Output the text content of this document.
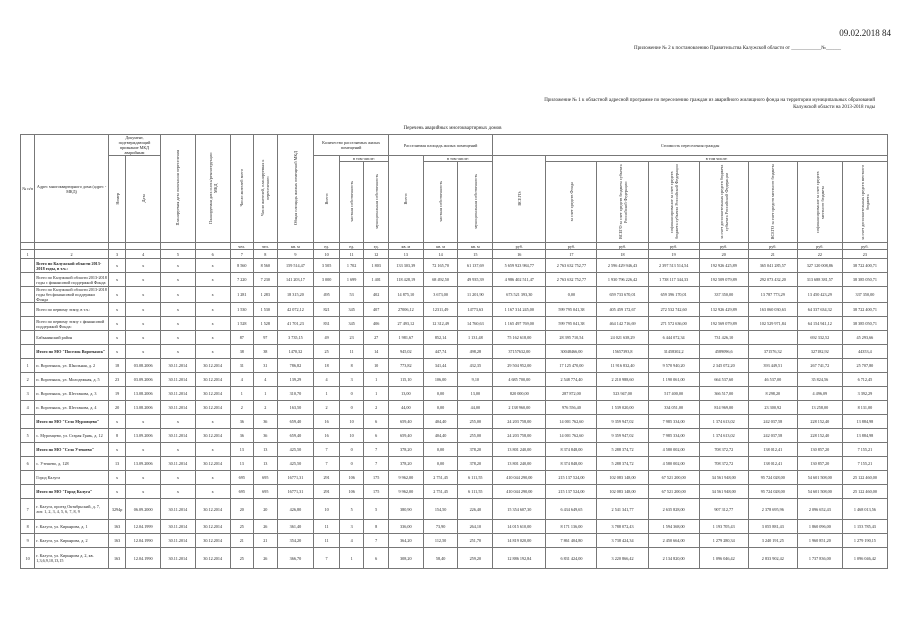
09.02.2018 84
Приложение № 2 к постановлению Правительства Калужской области от ____________№______
Приложение № 1 к областной адресной программе по переселению граждан из аварийного жилищного фонда на территории муниципальных образований
Калужской области на 2013-2018 годы
Перечень аварийных многоквартирных домов
№ п/п	Адрес многоквартирного дома (адрес - МКД)	Документ, подтверждающий признание МКД аварийным		Планируемая дата окончания переселения	Планируемая дата сноса/реконструкции МКД	Число жителей всего	Число жителей, планируемых к переселению	Общая площадь жилых помещений МКД	Количество расселяемых жилых помещений			Расселяемая площадь жилых помещений			Стоимость переселения граждан							
		Номер	Дата						Всего:	в том числе:		Всего:	в том числе:		ВСЕГО:	в том числе:						
										частная собственность	муниципальная собственность		частная собственность	муниципальная собственность		за счет средств Фонда	ВСЕГО за счет средств бюджета субъекта Российской Федерации	софинансирование за счет средств бюджета субъекта Российской Федерации	за счет дополнительных средств бюджета субъекта Российской Федерации	ВСЕГО за счет средств местного бюджета	софинансирование за счет средств местного бюджета	за счет дополнительных средств местного бюджета
						чел.	чел.	кв. м	ед.	ед.	ед.	кв. м	кв. м	кв. м	руб.	руб.	руб.	руб.	руб.	руб.	руб.	руб.
1	2	3	4	5	6	7	8	9	10	11	12	13	14	15	16	17	18	19	20	21	22	23
	Всего по Калужской области 2013-2018 годы, в т.ч.:	x	x	x	x	8 560	8 560	159 514,47	3 505	1 702	1 803	133 303,39	72 165,70	61 137,69	5 659 923 984,77	2 763 632 752,77	2 596 429 946,43	2 397 513 514,54	192 926 425,89	365 041 285,57	327 120 008,86	38 722 400,71
	Всего по Калужской области 2013-2018 годы с финансовой поддержкой Фонда	x	x	x	x	7 220	7 230	141 203,17	3 000	1 699	1 401	118 428,19	68 492,50	49 935,39	4 986 402 511,47	2 763 632 752,77	1 930 796 226,42	1 738 117 344,33	192 509 079,89	292 073 432,20	313 688 381,57	38 385 050,71
	Всего по Калужской области 2013-2018 годы без финансовой поддержки Фонда	x	x	x	x	1 281	1 283	18 315,20	495	53	402	14 875,10	3 673,00	11 201,90	673 521 393,30	0,00	659 733 670,01	659 396 170,01	337 350,00	13 787 773,29	13 450 423,29	337 350,00
	Всего по первому этапу, в т.ч.:	x	x	x	x	1 530	1 530	42 072,12	821	345	407	27006,12	12311,49	14773,63	1 167 314 245,00	599 795 041,38	405 459 172,67	272 532 742,60	132 926 429,89	163 060 030,63	64 337 634,32	38 722 400,71
	Всего по первому этапу с финансовой поддержкой Фонда:	x	x	x	x	1 528	1 528	41 701,23	831	345	406	27 493,12	12 312,49	14 760,63	1 165 497 769,00	599 795 041,38	464 142 716,69	271 572 636,00	192 569 079,89	102 529 971,84	64 154 941,12	38 385 050,71
	Бабынинский район	x	x	x	x	87	97	3 735,15	49	23	27	1 981,67	852,14	1 131,48	75 162 618,00	28 395 710,54	24 021 638,29	6 444 072,34	731 426,10		692 332,52	45 293,66
	Итого по МО "Поселок Воротынск"	x	x	x	x	38	38	1470,32	25	11	14	945,02	447,74	498,28	37157632,00	30048466,00	15657393,8	31458302,2	4589096,6	371576,32	327182,92	44353,4
1	п. Воротынск, ул. Школьная, д. 2	18	03.08.2006	30.11.2014	30.12.2014	31	31	786,82	18	8	10	773,82	341,44	432,35	29 504 952,00	17 125 470,00	11 916 832,40	9 570 940,20	2 345 072,20	393 449,51	267 741,72	25 707,80
2	п. Воротынск, ул. Молодежная, д. 5	23	03.09.2006	30.11.2014	30.12.2014	4	4	139,29	4	3	1	115,10	106,00	9,10	4 685 700,00	2 548 774,40	2 210 988,60	1 190 061,00	664 537,60	46 537,00	35 824,56	6 712,45
3	п. Воротынск, ул. Шестакова, д. 3	19	13.08.2006	30.11.2014	30.12.2014	1	1	310,70	1	0	1	13,00	0,00	13,00	820 000,00	287 872,00	523 947,00	517 400,00	366 517,00	8 298,20	4 496,09	3 392,29
4	п. Воротынск, ул. Шестакова, д. 4	20	13.08.2006	30.11.2014	30.12.2014	2	2	163,50	2	0	2	44,00	0,00	44,00	2 138 960,00	976 556,40	1 539 020,00	334 051,00	814 969,00	23 300,92	13 258,00	8 131,00
	Итого по МО "Село Муромцево"	x	x	x	x	36	36	659,40	16	10	6	659,40	404,40	255,00	24 203 758,00	14 001 762,60	9 359 947,02	7 985 334,00	1 374 613,02	242 037,58	228 152,40	13 884,98
5	с. Муромцево, ул. Старая Грязь, д. 12	8	13.09.2006	30.11.2014	30.12.2014	36	36	659,40	16	10	6	659,40	404,40	255,00	24 203 758,00	14 001 762,60	9 359 947,02	7 985 334,00	1 374 613,02	242 037,58	228 152,40	13 884,98
	Итого по МО "Село Утешево"	x	x	x	x	13	13	425,50	7	0	7	378,20	0,00	378,20	13 801 240,00	8 374 848,00	5 288 374,72	4 580 002,00	708 372,72	138 012,41	130 857,20	7 155,21
6	с. Утешево, д. 128	13	13.09.2006	30.11.2014	30.12.2014	13	13	425,50	7	0	7	378,20	0,00	378,20	13 801 240,00	8 374 848,00	5 288 374,72	4 580 002,00	708 372,72	138 012,41	130 857,20	7 155,21
	Город Калуга	x	x	x	x	695	695	16771,31	291	106	175	9 962,00	2 751,45	6 111,55	410 044 290,00	215 137 524,00	102 083 148,00	67 521 200,00	34 561 948,00	95 724 028,00	54 601 508,00	25 122 460,00
	Итого по МО "Город Калуга"	x	x	x	x	695	695	16771,31	291	106	175	9 962,00	2 751,45	6 111,55	410 044 290,00	215 137 524,00	102 083 148,00	67 521 200,00	34 561 948,00	95 724 028,00	54 601 508,00	25 122 460,00
7	г. Калуга, проезд Октябрьский, д. 7, лит. 1, 2, 3, 4, 5, 6, 7, 8, 9	3294р	06.09.2000	30.11.2014	30.12.2014	20	20	426,80	10	5	5	380,90	154,50	226,40	15 354 607,30	6 434 649,65	2 541 341,77	2 635 828,00	907 312,77	2 378 695,96	2 096 652,43	1 468 013,56
8	г. Калуга, ул. Кирьярова, д. 1	163	12.04.1999	30.11.2014	30.12.2014	25	26	361,40	11	3	8	336,00	73,90	264,10	14 015 610,00	8 171 136,00	3 788 072,43	1 594 368,00	1 193 705,43	3 055 881,43	1 860 096,00	1 153 785,43
9	г. Калуга, ул. Кирьярова, д. 2	163	12.04.1990	30.11.2014	30.12.2014	21	21	354,20	11	4	7	364,20	112,50	251,70	14 819 020,00	7 861 404,80	3 738 424,34	2 450 664,00	1 279 280,34	3 240 191,25	1 960 851,20	1 279 190,15
10	г. Калуга, ул. Кирьярова д. 2, кв. 1,3,6,9,10,13,15	163	12.04.1990	30.11.2014	30.12.2014	25	26	366,70	7	1	6	308,20	58,40	259,20	12 886 192,84	6 831 424,00	3 220 866,42	2 134 820,00	1 096 046,42	2 833 902,42	1 737 836,00	1 096 046,42
